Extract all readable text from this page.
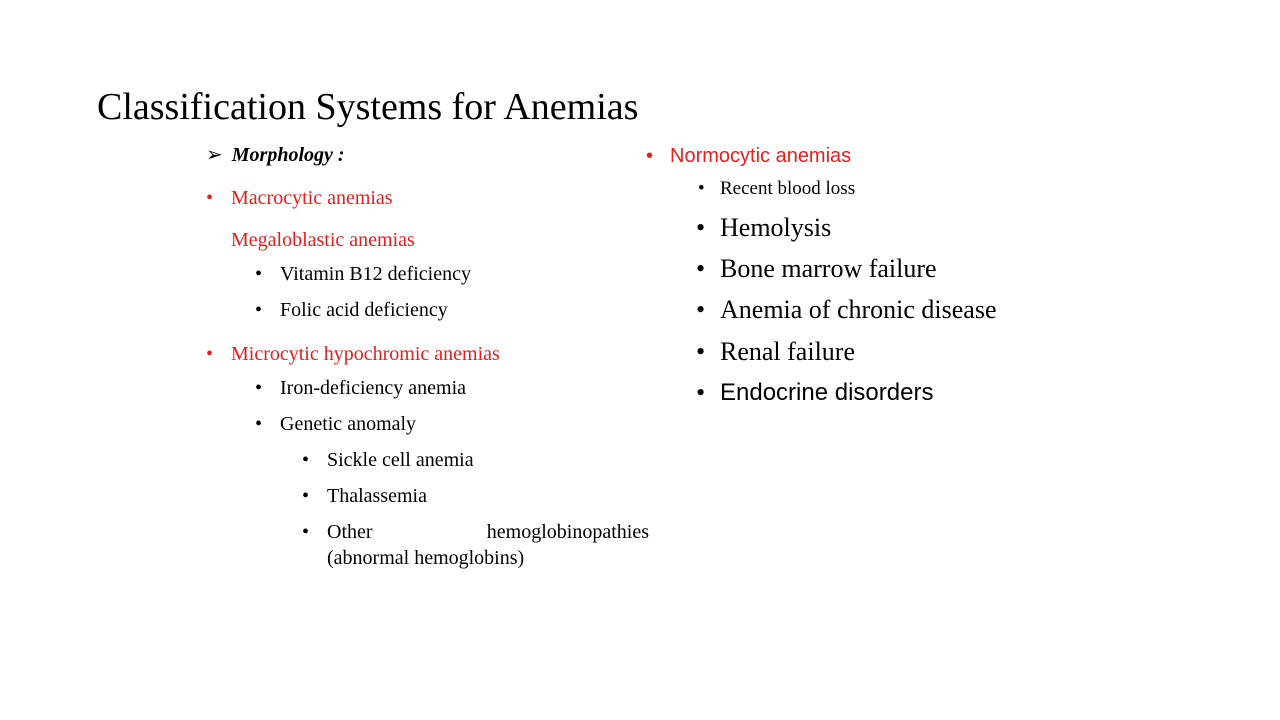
Classification Systems for Anemias
➢ Morphology :
• Macrocytic anemias
Megaloblastic anemias
• Vitamin B12 deficiency
• Folic acid deficiency
• Microcytic hypochromic anemias
• Iron-deficiency anemia
• Genetic anomaly
• Sickle cell anemia
• Thalassemia
• Other	hemoglobinopathies
(abnormal hemoglobins)
• Normocytic anemias
• Recent blood loss
• Hemolysis
• Bone marrow failure
• Anemia of chronic disease
• Renal failure
• Endocrine disorders
